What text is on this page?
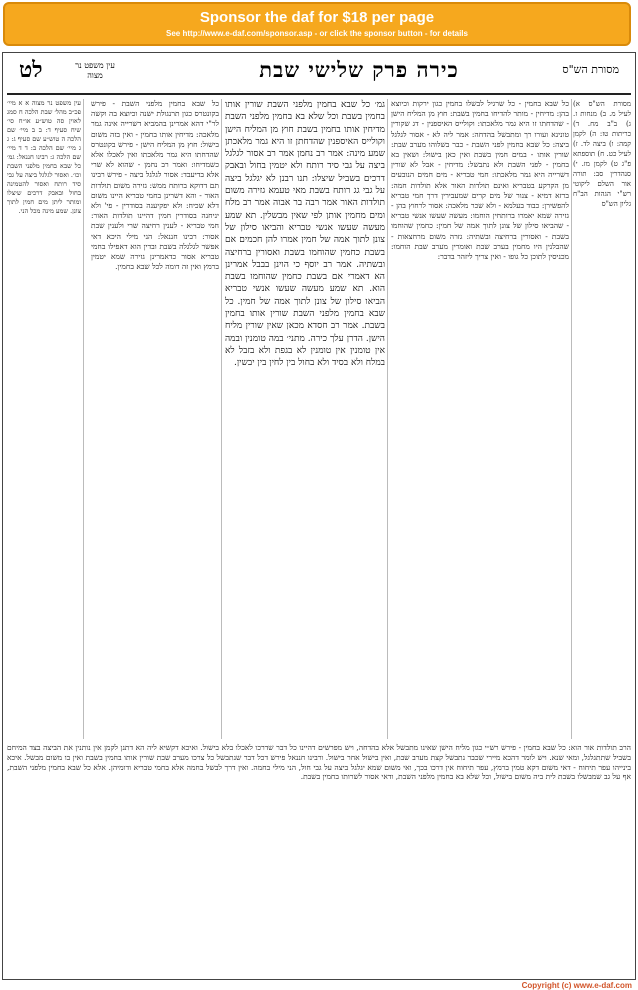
Sponsor the daf for $18 per page
See http://www.e-daf.com/sponsor.asp - or click the sponsor button - for details
מסורת הש"ס
כירה פרק שלישי שבת
עין משפט נר מצוה
לט
מסורת הש"ס א) לעיל מ. ב) מנחות ז. ג) ב"ב מח. ד) כריתות טז: ה) לקמן קמה: ו) ביצה לד. ז) לעיל כט. ח) תוספתא פ"ג ט) לקמן מז. י) סנהדרין סב: תורה אור השלם ליקוטי רש"י הגהות הב"ח גליון הש"ס
כל שבא בחמין - כל שרגיל לבשלו בחמין כגון ירקות וכיוצא בהן: מדיחין - מותר להדיחו בחמין בשבת: חוץ מן המליח הישן - שהדחתו זו היא גמר מלאכתו: וקולייס האיספנין - דג שקורין טונינא ועורו רך ומתבשל בהדחה: אמר ליה לא - אסור לגלגל ביצה: כל שבא בחמין לפני השבת - כבר בשלוהו מערב שבת: שורין אותו - במים חמין בשבת ואין כאן בישול: ושאין בא בחמין - לפני השבת ולא נתבשל: מדיחין - אבל לא שורין דשרייה היא גמר מלאכתו: חמי טבריא - מים חמים הנובעים מן הקרקע בטבריא ואינם תולדות האור אלא תולדות חמה: ברזא דמיא - צנור של מים קרים שמעבירין דרך חמי טבריא להפשירן: כבוד בעלמא - ולא שכר מלאכה: אסור לרחוץ בהן - גזירה שמא יאמרו ברותחין הוחמו: מעשה שעשו אנשי טבריא - שהביאו סילון של צונן לתוך אמה של חמין: כחמין שהוחמו בשבת - ואסורין ברחיצה ובשתיה: גזרה משום מרחצאות - שהבלנין היו מחמין בערב שבת ואומרין מערב שבת הוחמו: מכניסין לתוכן כל גופו - ואין צריך ליזהר בדבר:
גמ׳ כל שבא בחמין מלפני השבת שורין אותו בחמין בשבת וכל שלא בא בחמין מלפני השבת מדיחין אותו בחמין בשבת חוץ מן המליח הישן וקולייס האיספנין שהדחתן זו היא גמר מלאכתן שמע מינה: אמר רב נחמן אמר רב אסור לגלגל ביצה על גבי סיד רותח ולא יטמין בחול ובאבק דרכים בשביל שיצלו: תנו רבנן לא יגלגל ביצה על גבי גג רותח בשבת מאי טעמא גזירה משום תולדות האור אמר רבה בר אבוה אמר רב מלח ומים מחמין אותן לפי שאין מבשלין. תא שמע מעשה שעשו אנשי טבריא והביאו סילון של צונן לתוך אמה של חמין אמרו להן חכמים אם בשבת כחמין שהוחמו בשבת ואסורין ברחיצה ובשתיה. אמר רב יוסף כי הוינן בבבל אמרינן הא דאמרי אם בשבת כחמין שהוחמו בשבת הוא. תא שמע מעשה שעשו אנשי טבריא הביאו סילון של צונן לתוך אמה של חמין. כל שבא בחמין מלפני השבת שורין אותו בחמין בשבת. אמר רב חסדא מכאן שאין שורין מליח הישן. הדרן עלך כירה. מתני׳ במה טומנין ובמה אין טומנין אין טומנין לא בגפת ולא בזבל לא במלח ולא בסיד ולא בחול בין לחין בין יבשין.
כל שבא בחמין מלפני השבת - פירש בקונטרס כגון תרנגולת ישנה וכיוצא בה וקשה לר"י דהא אמרינן בהמביא דשרייה אינה גמר מלאכה: מדיחין אותו בחמין - ואין בזה משום בישול: חוץ מן המליח הישן - פירש בקונטרס שהדחתו היא גמר מלאכתו ואין לאכלו אלא כשמדיחו: ואמר רב נחמן - שהוא לא שרי אלא בדיעבד: אסור לגלגל ביצה - פירש רבינו תם דדוקא ברותח ממש: גזירה משום תולדות האור - והא דשרינן בחמי טבריא היינו משום דלא שכיח: ולא יפקיענה בסודרין - פי' ולא יניחנה בסודרין חמין דהיינו תולדות האור: חמי טבריא - לענין רחיצה שרי ולענין שבת אסור: רבינו חננאל: הני מילי היכא דאי אפשר לגלגלה בשבת ובדין הוא דאפילו בחמי טבריא אסור כדאמרינן גזירה שמא יטמין ברמץ ואין זה דומה לכל שבא בחמין.
עין משפט נר מצוה א א מיי׳ פכ״ב מהל׳ שבת הלכה ח סמג לאוין סה טוש״ע או״ח סי׳ שיח סעיף ד: ב ב מיי׳ שם הלכה ה טוש״ע שם סעיף ג: ג ג מיי׳ שם הלכה ב: ד ד מיי׳ שם הלכה ג: רבינו חננאל: גמ׳ כל שבא בחמין מלפני השבת וכו׳. ואסור לגלגל ביצה על גבי סיד רותח ואסור להטמינה בחול ובאבק דרכים שיצלו ומותר ליתן מים חמין לתוך צונן. שמע מינה מכל הני.
הרב תולדות אור הוא: כל שבא בחמין - פירש רש״י כגון מליח הישן שאינו מתבשל אלא בהדחה, ויש מפרשים דהיינו כל דבר שדרכו לאכלו בלא בישול. ואיכא דקשיא ליה הא דתנן לקמן אין נותנין את הביצה בצד המיחם בשביל שתתגלגל, ומאי שנא. ויש לומר דהכא מיירי שכבר נתבשל קצת מערב שבת, ואין בישול אחר בישול. ורבינו חננאל פירש דכל דבר שנתבשל כל צרכו מערב שבת שורין אותו בחמין בשבת ואין בו משום מבשל. איכא בינייהו עפר תיחוח - דאי משום דקא טמין ברמץ, עפר תיחוח אין דרכו בכך, ואי משום שמא יגלגל ביצה על גבי חול, הני מילי בחמה. ואין דרך לבשל בחמה אלא בחמי טבריא ודומיהן. אלא כל שבא בחמין מלפני השבת, אף על גב שמבשלו בשבת לית ביה משום בישול, וכל שלא בא בחמין מלפני השבת, ודאי אסור לשרותו בחמין בשבת.
Copyright (c) www.e-daf.com
